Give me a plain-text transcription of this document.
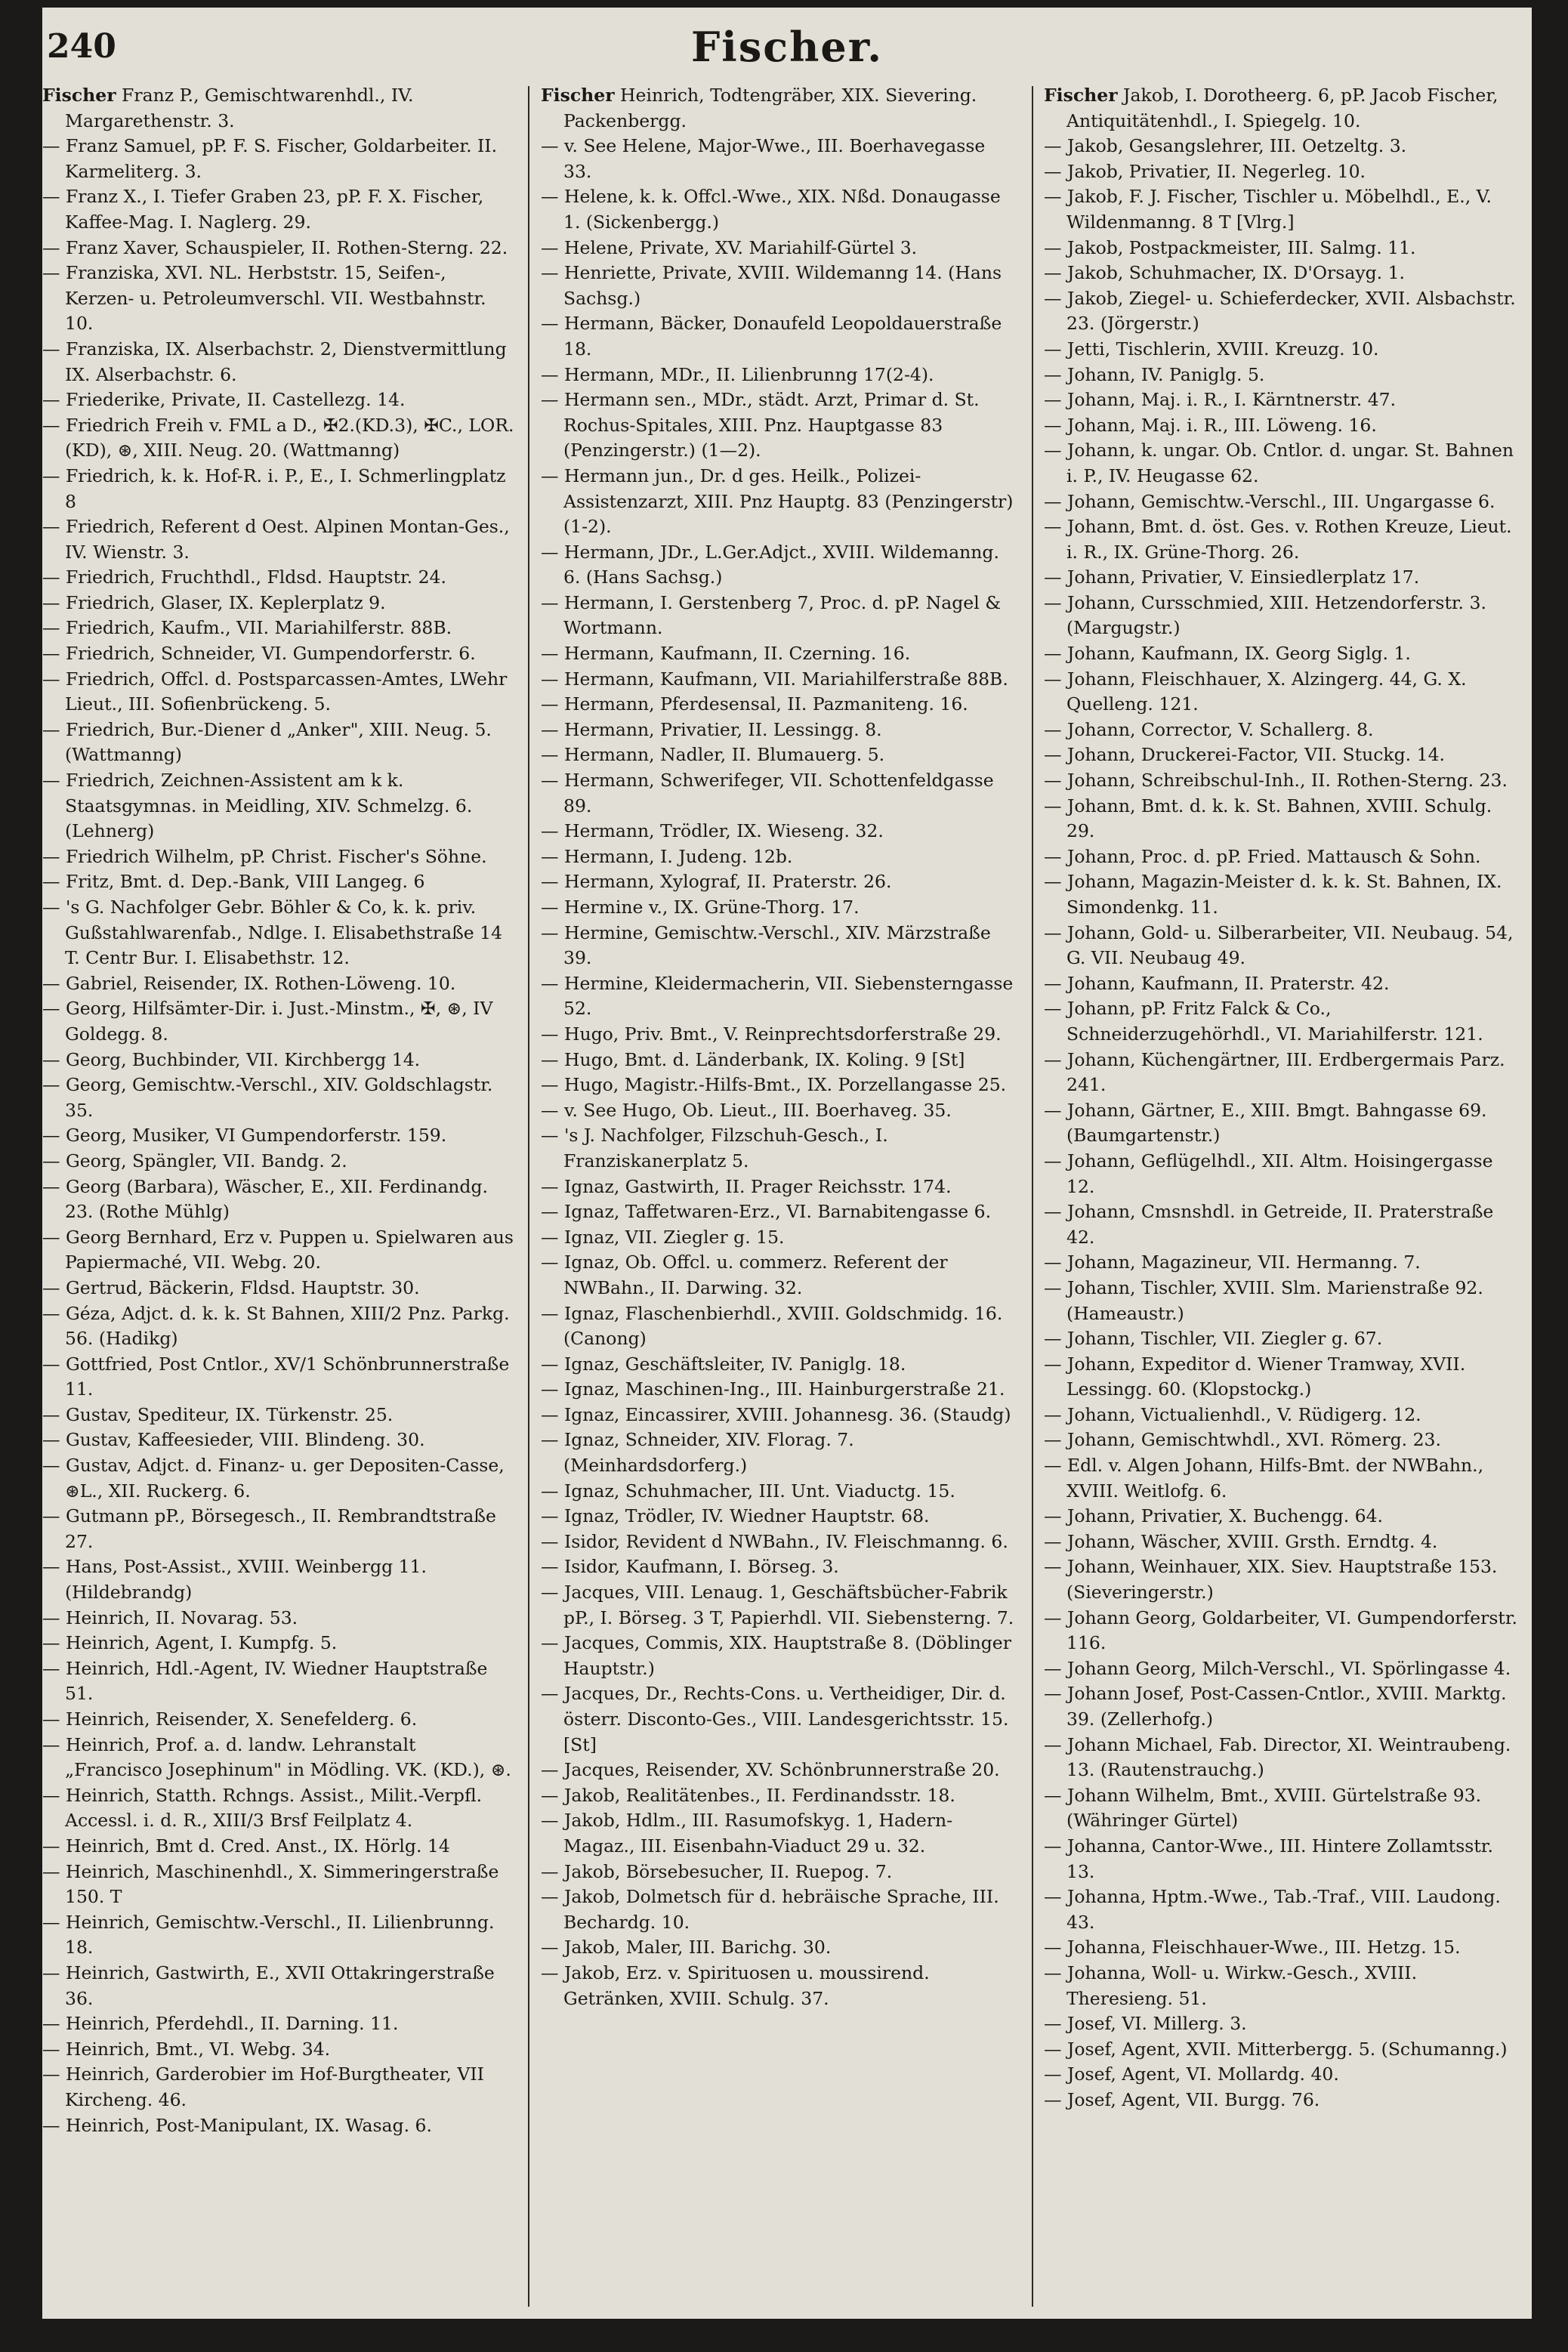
240	Fischer.
Fischer Franz P., Gemischtwarenhdl., IV. Margarethenstr. 3.
— Franz Samuel, pP. F. S. Fischer, Goldarbeiter. II. Karmeliterg. 3.
— Franz X., I. Tiefer Graben 23, pP. F. X. Fischer, Kaffee-Mag. I. Naglerg. 29.
— Franz Xaver, Schauspieler, II. Rothen-Sterng. 22.
— Franziska, XVI. NL. Herbststr. 15, Seifen-, Kerzen- u. Petroleumverschl. VII. Westbahnstr. 10.
— Franziska, IX. Alserbachstr. 2, Dienstvermittlung IX. Alserbachstr. 6.
— Friederike, Private, II. Castellezg. 14.
— Friedrich Freih v. FML a D., ✠2.(KD.3), ✠C., LOR. (KD), ⊛, XIII. Neug. 20. (Wattmanng)
— Friedrich, k. k. Hof-R. i. P., E., I. Schmerlingplatz 8
— Friedrich, Referent d Oest. Alpinen Montan-Ges., IV. Wienstr. 3.
— Friedrich, Fruchthdl., Fldsd. Hauptstr. 24.
— Friedrich, Glaser, IX. Keplerplatz 9.
— Friedrich, Kaufm., VII. Mariahilferstr. 88B.
— Friedrich, Schneider, VI. Gumpendorferstr. 6.
— Friedrich, Offcl. d. Postsparcassen-Amtes, LWehr Lieut., III. Sofienbrückeng. 5.
— Friedrich, Bur.-Diener d „Anker", XIII. Neug. 5. (Wattmanng)
— Friedrich, Zeichnen-Assistent am k k. Staatsgymnas. in Meidling, XIV. Schmelzg. 6. (Lehnerg)
— Friedrich Wilhelm, pP. Christ. Fischer's Söhne.
— Fritz, Bmt. d. Dep.-Bank, VIII Langeg. 6
— 's G. Nachfolger Gebr. Böhler & Co, k. k. priv. Gußstahlwarenfab., Ndlge. I. Elisabethstraße 14 T. Centr Bur. I. Elisabethstr. 12.
— Gabriel, Reisender, IX. Rothen-Löweng. 10.
— Georg, Hilfsämter-Dir. i. Just.-Minstm., ✠, ⊛, IV Goldegg. 8.
— Georg, Buchbinder, VII. Kirchbergg 14.
— Georg, Gemischtw.-Verschl., XIV. Goldschlagstr. 35.
— Georg, Musiker, VI Gumpendorferstr. 159.
— Georg, Spängler, VII. Bandg. 2.
— Georg (Barbara), Wäscher, E., XII. Ferdinandg. 23. (Rothe Mühlg)
— Georg Bernhard, Erz v. Puppen u. Spielwaren aus Papiermaché, VII. Webg. 20.
— Gertrud, Bäckerin, Fldsd. Hauptstr. 30.
— Géza, Adjct. d. k. k. St Bahnen, XIII/2 Pnz. Parkg. 56. (Hadikg)
— Gottfried, Post Cntlor., XV/1 Schönbrunnerstraße 11.
— Gustav, Spediteur, IX. Türkenstr. 25.
— Gustav, Kaffeesieder, VIII. Blindeng. 30.
— Gustav, Adjct. d. Finanz- u. ger Depositen-Casse, ⊛L., XII. Ruckerg. 6.
— Gutmann pP., Börsegesch., II. Rembrandtstraße 27.
— Hans, Post-Assist., XVIII. Weinbergg 11. (Hildebrandg)
— Heinrich, II. Novarag. 53.
— Heinrich, Agent, I. Kumpfg. 5.
— Heinrich, Hdl.-Agent, IV. Wiedner Hauptstraße 51.
— Heinrich, Reisender, X. Senefelderg. 6.
— Heinrich, Prof. a. d. landw. Lehranstalt „Francisco Josephinum" in Mödling. VK. (KD.), ⊛.
— Heinrich, Statth. Rchngs. Assist., Milit.-Verpfl. Accessl. i. d. R., XIII/3 Brsf Feilplatz 4.
— Heinrich, Bmt d. Cred. Anst., IX. Hörlg. 14
— Heinrich, Maschinenhdl., X. Simmeringerstraße 150. T
— Heinrich, Gemischtw.-Verschl., II. Lilienbrunng. 18.
— Heinrich, Gastwirth, E., XVII Ottakringerstraße 36.
— Heinrich, Pferdehdl., II. Darning. 11.
— Heinrich, Bmt., VI. Webg. 34.
— Heinrich, Garderobier im Hof-Burgtheater, VII Kircheng. 46.
— Heinrich, Post-Manipulant, IX. Wasag. 6.
Fischer Heinrich, Todtengräber, XIX. Sievering. Packenbergg.
— v. See Helene, Major-Wwe., III. Boerhavegasse 33.
— Helene, k. k. Offcl.-Wwe., XIX. Nßd. Donaugasse 1. (Sickenbergg.)
— Helene, Private, XV. Mariahilf-Gürtel 3.
— Henriette, Private, XVIII. Wildemanng 14. (Hans Sachsg.)
— Hermann, Bäcker, Donaufeld Leopoldauerstraße 18.
— Hermann, MDr., II. Lilienbrunng 17(2-4).
— Hermann sen., MDr., städt. Arzt, Primar d. St. Rochus-Spitales, XIII. Pnz. Hauptgasse 83 (Penzingerstr.) (1—2).
— Hermann jun., Dr. d ges. Heilk., Polizei-Assistenzarzt, XIII. Pnz Hauptg. 83 (Penzingerstr) (1-2).
— Hermann, JDr., L.Ger.Adjct., XVIII. Wildemanng. 6. (Hans Sachsg.)
— Hermann, I. Gerstenberg 7, Proc. d. pP. Nagel & Wortmann.
— Hermann, Kaufmann, II. Czerning. 16.
— Hermann, Kaufmann, VII. Mariahilferstraße 88B.
— Hermann, Pferdesensal, II. Pazmaniteng. 16.
— Hermann, Privatier, II. Lessingg. 8.
— Hermann, Nadler, II. Blumauerg. 5.
— Hermann, Schwerifeger, VII. Schottenfeldgasse 89.
— Hermann, Trödler, IX. Wieseng. 32.
— Hermann, I. Judeng. 12b.
— Hermann, Xylograf, II. Praterstr. 26.
— Hermine v., IX. Grüne-Thorg. 17.
— Hermine, Gemischtw.-Verschl., XIV. Märzstraße 39.
— Hermine, Kleidermacherin, VII. Siebensterngasse 52.
— Hugo, Priv. Bmt., V. Reinprechtsdorferstraße 29.
— Hugo, Bmt. d. Länderbank, IX. Koling. 9 [St]
— Hugo, Magistr.-Hilfs-Bmt., IX. Porzellangasse 25.
— v. See Hugo, Ob. Lieut., III. Boerhaveg. 35.
— 's J. Nachfolger, Filzschuh-Gesch., I. Franziskanerplatz 5.
— Ignaz, Gastwirth, II. Prager Reichsstr. 174.
— Ignaz, Taffetwaren-Erz., VI. Barnabitengasse 6.
— Ignaz, VII. Ziegler g. 15.
— Ignaz, Ob. Offcl. u. commerz. Referent der NWBahn., II. Darwing. 32.
— Ignaz, Flaschenbierhdl., XVIII. Goldschmidg. 16. (Canong)
— Ignaz, Geschäftsleiter, IV. Paniglg. 18.
— Ignaz, Maschinen-Ing., III. Hainburgerstraße 21.
— Ignaz, Eincassirer, XVIII. Johannesg. 36. (Staudg)
— Ignaz, Schneider, XIV. Florag. 7. (Meinhardsdorferg.)
— Ignaz, Schuhmacher, III. Unt. Viaductg. 15.
— Ignaz, Trödler, IV. Wiedner Hauptstr. 68.
— Isidor, Revident d NWBahn., IV. Fleischmanng. 6.
— Isidor, Kaufmann, I. Börseg. 3.
— Jacques, VIII. Lenaug. 1, Geschäftsbücher-Fabrik pP., I. Börseg. 3 T, Papierhdl. VII. Siebensterng. 7.
— Jacques, Commis, XIX. Hauptstraße 8. (Döblinger Hauptstr.)
— Jacques, Dr., Rechts-Cons. u. Vertheidiger, Dir. d. österr. Disconto-Ges., VIII. Landesgerichtsstr. 15. [St]
— Jacques, Reisender, XV. Schönbrunnerstraße 20.
— Jakob, Realitätenbes., II. Ferdinandsstr. 18.
— Jakob, Hdlm., III. Rasumofskyg. 1, Hadern-Magaz., III. Eisenbahn-Viaduct 29 u. 32.
— Jakob, Börsebesucher, II. Ruepog. 7.
— Jakob, Dolmetsch für d. hebräische Sprache, III. Bechardg. 10.
— Jakob, Maler, III. Barichg. 30.
— Jakob, Erz. v. Spirituosen u. moussirend. Getränken, XVIII. Schulg. 37.
Fischer Jakob, I. Dorotheerg. 6, pP. Jacob Fischer, Antiquitätenhdl., I. Spiegelg. 10.
— Jakob, Gesangslehrer, III. Oetzeltg. 3.
— Jakob, Privatier, II. Negerleg. 10.
— Jakob, F. J. Fischer, Tischler u. Möbelhdl., E., V. Wildenmanng. 8 T [Vlrg.]
— Jakob, Postpackmeister, III. Salmg. 11.
— Jakob, Schuhmacher, IX. D'Orsayg. 1.
— Jakob, Ziegel- u. Schieferdecker, XVII. Alsbachstr. 23. (Jörgerstr.)
— Jetti, Tischlerin, XVIII. Kreuzg. 10.
— Johann, IV. Paniglg. 5.
— Johann, Maj. i. R., I. Kärntnerstr. 47.
— Johann, Maj. i. R., III. Löweng. 16.
— Johann, k. ungar. Ob. Cntlor. d. ungar. St. Bahnen i. P., IV. Heugasse 62.
— Johann, Gemischtw.-Verschl., III. Ungargasse 6.
— Johann, Bmt. d. öst. Ges. v. Rothen Kreuze, Lieut. i. R., IX. Grüne-Thorg. 26.
— Johann, Privatier, V. Einsiedlerplatz 17.
— Johann, Cursschmied, XIII. Hetzendorferstr. 3. (Margugstr.)
— Johann, Kaufmann, IX. Georg Siglg. 1.
— Johann, Fleischhauer, X. Alzingerg. 44, G. X. Quelleng. 121.
— Johann, Corrector, V. Schallerg. 8.
— Johann, Druckerei-Factor, VII. Stuckg. 14.
— Johann, Schreibschul-Inh., II. Rothen-Sterng. 23.
— Johann, Bmt. d. k. k. St. Bahnen, XVIII. Schulg. 29.
— Johann, Proc. d. pP. Fried. Mattausch & Sohn.
— Johann, Magazin-Meister d. k. k. St. Bahnen, IX. Simondenkg. 11.
— Johann, Gold- u. Silberarbeiter, VII. Neubaug. 54, G. VII. Neubaug 49.
— Johann, Kaufmann, II. Praterstr. 42.
— Johann, pP. Fritz Falck & Co., Schneiderzugehörhdl., VI. Mariahilferstr. 121.
— Johann, Küchengärtner, III. Erdbergermais Parz. 241.
— Johann, Gärtner, E., XIII. Bmgt. Bahngasse 69. (Baumgartenstr.)
— Johann, Geflügelhdl., XII. Altm. Hoisingergasse 12.
— Johann, Cmsnshdl. in Getreide, II. Praterstraße 42.
— Johann, Magazineur, VII. Hermanng. 7.
— Johann, Tischler, XVIII. Slm. Marienstraße 92. (Hameaustr.)
— Johann, Tischler, VII. Ziegler g. 67.
— Johann, Expeditor d. Wiener Tramway, XVII. Lessingg. 60. (Klopstockg.)
— Johann, Victualienhdl., V. Rüdigerg. 12.
— Johann, Gemischtwhdl., XVI. Römerg. 23.
— Edl. v. Algen Johann, Hilfs-Bmt. der NWBahn., XVIII. Weitlofg. 6.
— Johann, Privatier, X. Buchengg. 64.
— Johann, Wäscher, XVIII. Grsth. Erndtg. 4.
— Johann, Weinhauer, XIX. Siev. Hauptstraße 153. (Sieveringerstr.)
— Johann Georg, Goldarbeiter, VI. Gumpendorferstr. 116.
— Johann Georg, Milch-Verschl., VI. Spörlingasse 4.
— Johann Josef, Post-Cassen-Cntlor., XVIII. Marktg. 39. (Zellerhofg.)
— Johann Michael, Fab. Director, XI. Weintraubeng. 13. (Rautenstrauchg.)
— Johann Wilhelm, Bmt., XVIII. Gürtelstraße 93. (Währinger Gürtel)
— Johanna, Cantor-Wwe., III. Hintere Zollamtsstr. 13.
— Johanna, Hptm.-Wwe., Tab.-Traf., VIII. Laudong. 43.
— Johanna, Fleischhauer-Wwe., III. Hetzg. 15.
— Johanna, Woll- u. Wirkw.-Gesch., XVIII. Theresieng. 51.
— Josef, VI. Millerg. 3.
— Josef, Agent, XVII. Mitterbergg. 5. (Schumanng.)
— Josef, Agent, VI. Mollardg. 40.
— Josef, Agent, VII. Burgg. 76.
